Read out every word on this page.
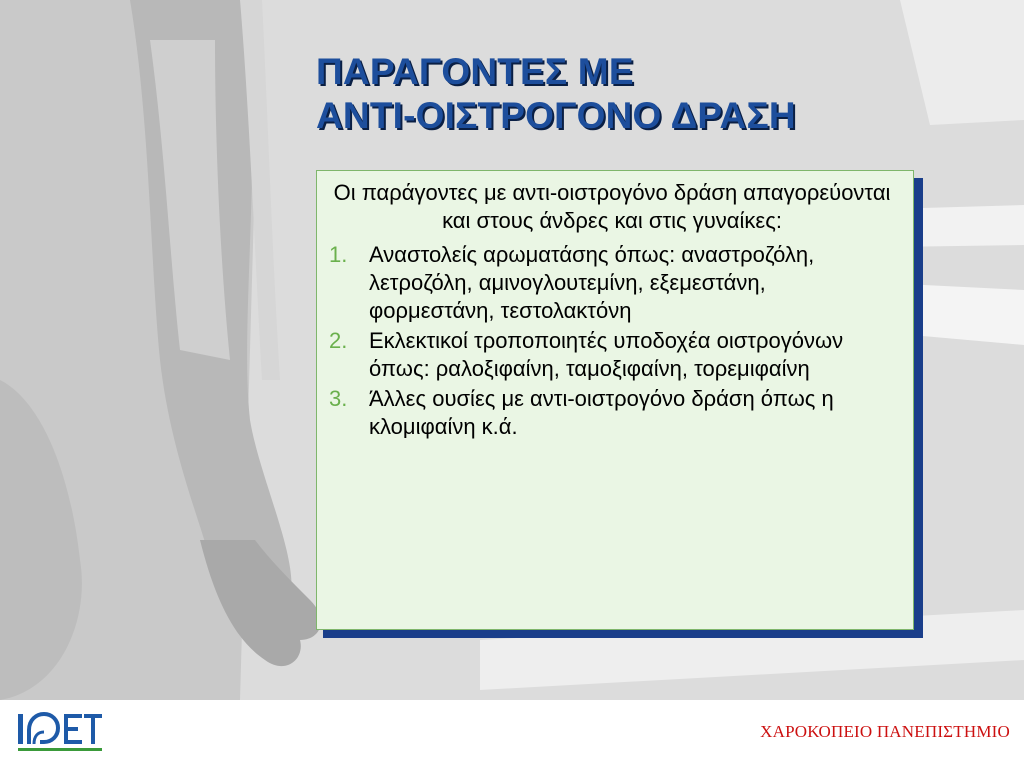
ΠΑΡΑΓΟΝΤΕΣ ΜΕ
ΑΝΤΙ-ΟΙΣΤΡΟΓΟΝΟ ΔΡΑΣΗ

Οι παράγοντες με αντι-οιστρογόνο δράση απαγορεύονται και στους άνδρες και στις γυναίκες:

1. Αναστολείς αρωματάσης όπως: αναστροζόλη, λετροζόλη, αμινογλουτεμίνη, εξεμεστάνη, φορμεστάνη, τεστολακτόνη
2. Εκλεκτικοί τροποποιητές υποδοχέα οιστρογόνων όπως: ραλοξιφαίνη, ταμοξιφαίνη, τορεμιφαίνη
3. Άλλες ουσίες με αντι-οιστρογόνο δράση όπως η κλομιφαίνη κ.ά.
ΧΑΡΟΚΟΠΕΙΟ ΠΑΝΕΠΙΣΤΗΜΙΟ
